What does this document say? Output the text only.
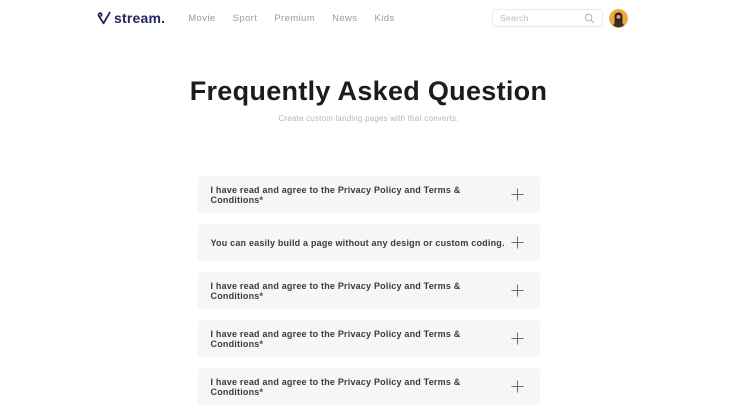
stream. Movie Sport Premium News Kids
Search
Frequently Asked Question

Create custom landing pages with that converts.

I have read and agree to the Privacy Policy and Terms & Conditions*
You can easily build a page without any design or custom coding.
I have read and agree to the Privacy Policy and Terms & Conditions*
I have read and agree to the Privacy Policy and Terms & Conditions*
I have read and agree to the Privacy Policy and Terms & Conditions*
